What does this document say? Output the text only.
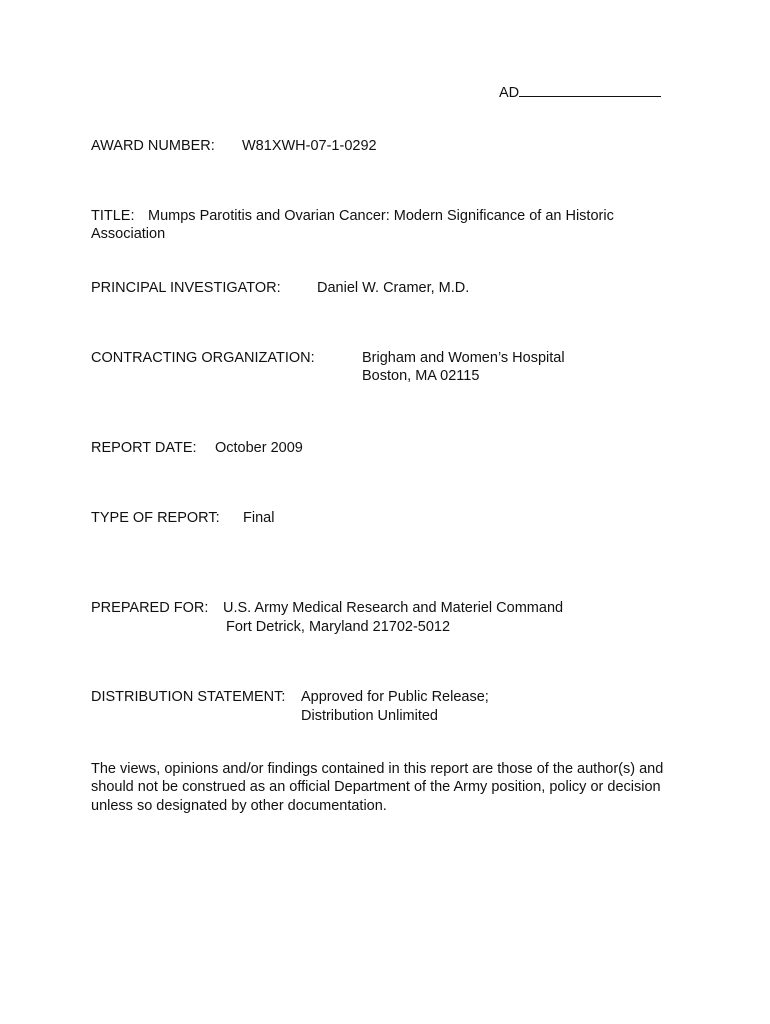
AD
AWARD NUMBER: W81XWH-07-1-0292
TITLE: Mumps Parotitis and Ovarian Cancer: Modern Significance of an Historic
Association
PRINCIPAL INVESTIGATOR:	Daniel W. Cramer, M.D.
CONTRACTING ORGANIZATION:	Brigham and Women’s Hospital
Boston, MA 02115
REPORT DATE: October 2009
TYPE OF REPORT: Final
PREPARED FOR: U.S. Army Medical Research and Materiel Command
Fort Detrick, Maryland 21702-5012
DISTRIBUTION STATEMENT: Approved for Public Release;
Distribution Unlimited
The views, opinions and/or findings contained in this report are those of the author(s) and
should not be construed as an official Department of the Army position, policy or decision
unless so designated by other documentation.
